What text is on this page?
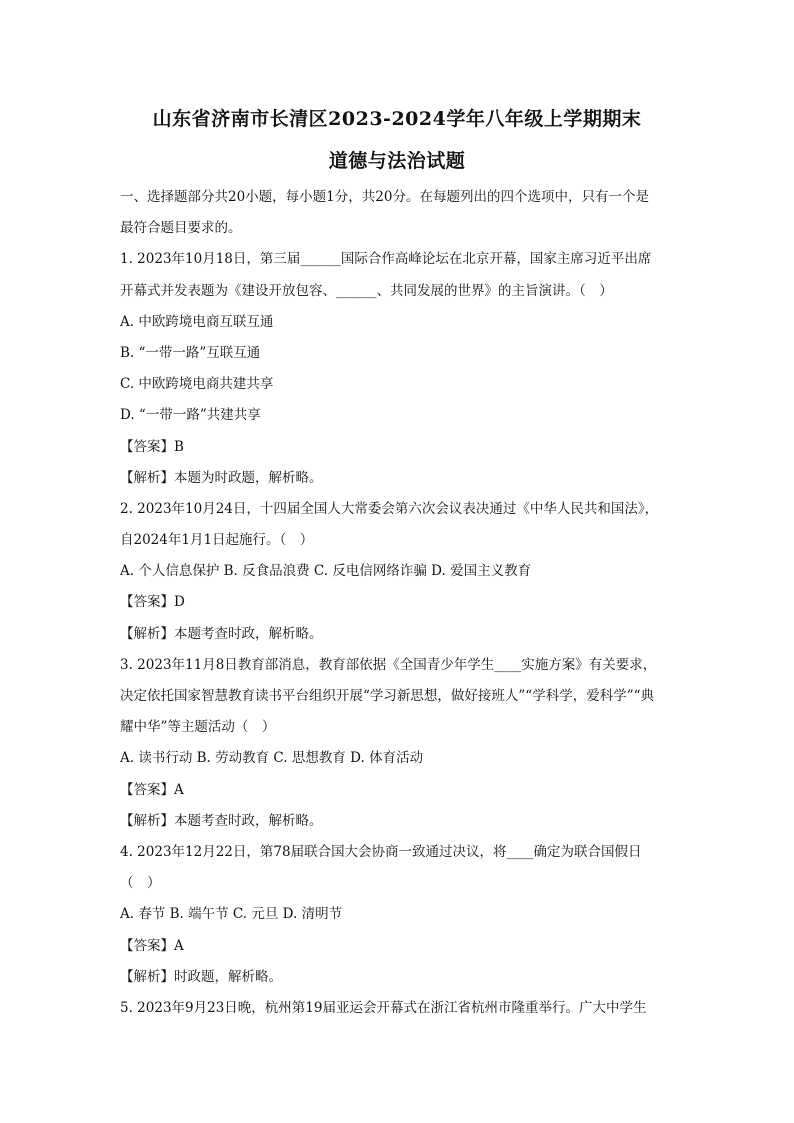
山东省济南市长清区2023-2024学年八年级上学期期末
道德与法治试题
一、选择题部分共20小题，每小题1分，共20分。在每题列出的四个选项中，只有一个是
最符合题目要求的。
1. 2023年10月18日，第三届______国际合作高峰论坛在北京开幕，国家主席习近平出席
开幕式并发表题为《建设开放包容、______、共同发展的世界》的主旨演讲。（　）
A. 中欧跨境电商互联互通
B. “一带一路”互联互通
C. 中欧跨境电商共建共享
D. “一带一路”共建共享
【答案】B
【解析】本题为时政题，解析略。
2. 2023年10月24日，十四届全国人大常委会第六次会议表决通过《中华人民共和国法》，
自2024年1月1日起施行。（　）
A. 个人信息保护 B. 反食品浪费 C. 反电信网络诈骗 D. 爱国主义教育
【答案】D
【解析】本题考查时政，解析略。
3. 2023年11月8日教育部消息，教育部依据《全国青少年学生____实施方案》有关要求，
决定依托国家智慧教育读书平台组织开展“学习新思想，做好接班人”“学科学，爱科学”“典
耀中华”等主题活动（　）
A. 读书行动 B. 劳动教育 C. 思想教育 D. 体育活动
【答案】A
【解析】本题考查时政，解析略。
4. 2023年12月22日，第78届联合国大会协商一致通过决议，将____确定为联合国假日
（　）
A. 春节 B. 端午节 C. 元旦 D. 清明节
【答案】A
【解析】时政题，解析略。
5. 2023年9月23日晚，杭州第19届亚运会开幕式在浙江省杭州市隆重举行。广大中学生
